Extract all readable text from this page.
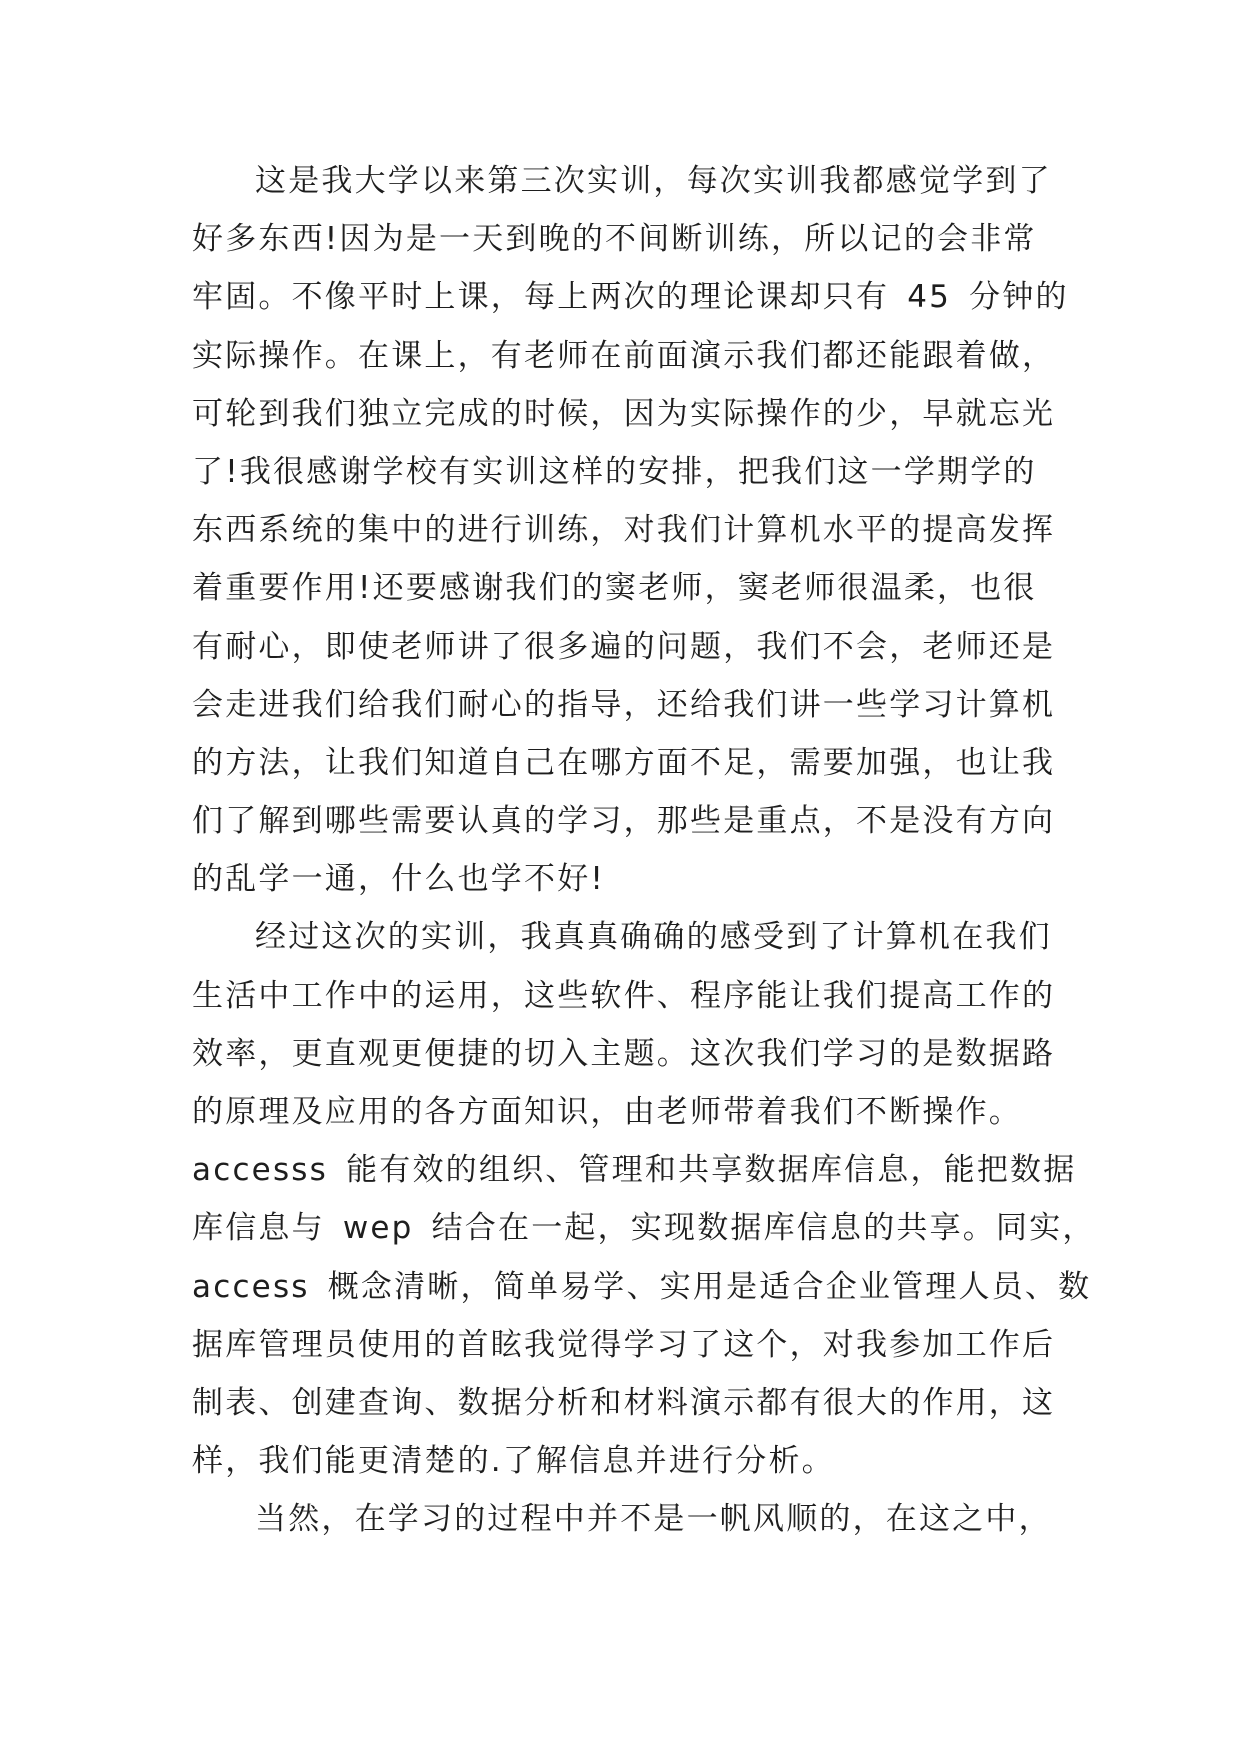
这是我大学以来第三次实训，每次实训我都感觉学到了
好多东西!因为是一天到晚的不间断训练，所以记的会非常
牢固。不像平时上课，每上两次的理论课却只有 45 分钟的
实际操作。在课上，有老师在前面演示我们都还能跟着做，
可轮到我们独立完成的时候，因为实际操作的少，早就忘光
了!我很感谢学校有实训这样的安排，把我们这一学期学的
东西系统的集中的进行训练，对我们计算机水平的提高发挥
着重要作用!还要感谢我们的窦老师，窦老师很温柔，也很
有耐心，即使老师讲了很多遍的问题，我们不会，老师还是
会走进我们给我们耐心的指导，还给我们讲一些学习计算机
的方法，让我们知道自己在哪方面不足，需要加强，也让我
们了解到哪些需要认真的学习，那些是重点，不是没有方向
的乱学一通，什么也学不好!
经过这次的实训，我真真确确的感受到了计算机在我们
生活中工作中的运用，这些软件、程序能让我们提高工作的
效率，更直观更便捷的切入主题。这次我们学习的是数据路
的原理及应用的各方面知识，由老师带着我们不断操作。
accesss 能有效的组织、管理和共享数据库信息，能把数据
库信息与 wep 结合在一起，实现数据库信息的共享。同实，
access 概念清晰，简单易学、实用是适合企业管理人员、数
据库管理员使用的首眩我觉得学习了这个，对我参加工作后
制表、创建查询、数据分析和材料演示都有很大的作用，这
样，我们能更清楚的.了解信息并进行分析。
当然，在学习的过程中并不是一帆风顺的，在这之中，
